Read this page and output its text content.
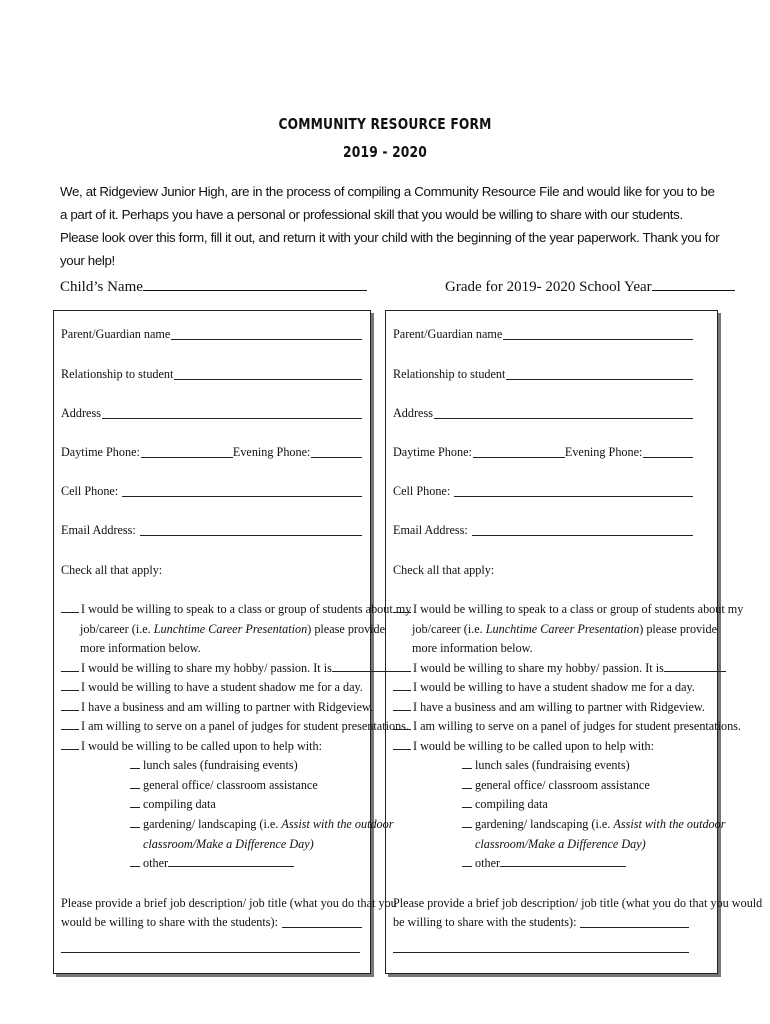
COMMUNITY RESOURCE FORM
2019 - 2020
We, at Ridgeview Junior High, are in the process of compiling a Community Resource File and would like for you to be a part of it. Perhaps you have a personal or professional skill that you would be willing to share with our students. Please look over this form, fill it out, and return it with your child with the beginning of the year paperwork. Thank you for your help!
Child’s Name	Grade for 2019- 2020 School Year
Parent/Guardian name
Relationship to student
Address
Daytime Phone:	Evening Phone:
Cell Phone:
Email Address:
Check all that apply:
I would be willing to speak to a class or group of students about my
job/career (i.e. Lunchtime Career Presentation) please provide
more information below.
I would be willing to share my hobby/ passion. It is
I would be willing to have a student shadow me for a day.
I have a business and am willing to partner with Ridgeview.
I am willing to serve on a panel of judges for student presentations.
I would be willing to be called upon to help with:
lunch sales (fundraising events)
general office/ classroom assistance
compiling data
gardening/ landscaping (i.e. Assist with the outdoor
classroom/Make a Difference Day)
other
Please provide a brief job description/ job title (what you do that you
would be willing to share with the students):
Parent/Guardian name
Relationship to student
Address
Daytime Phone:	Evening Phone:
Cell Phone:
Email Address:
Check all that apply:
I would be willing to speak to a class or group of students about my
job/career (i.e. Lunchtime Career Presentation) please provide
more information below.
I would be willing to share my hobby/ passion. It is
I would be willing to have a student shadow me for a day.
I have a business and am willing to partner with Ridgeview.
I am willing to serve on a panel of judges for student presentations.
I would be willing to be called upon to help with:
lunch sales (fundraising events)
general office/ classroom assistance
compiling data
gardening/ landscaping (i.e. Assist with the outdoor
classroom/Make a Difference Day)
other
Please provide a brief job description/ job title (what you do that you would
be willing to share with the students):
